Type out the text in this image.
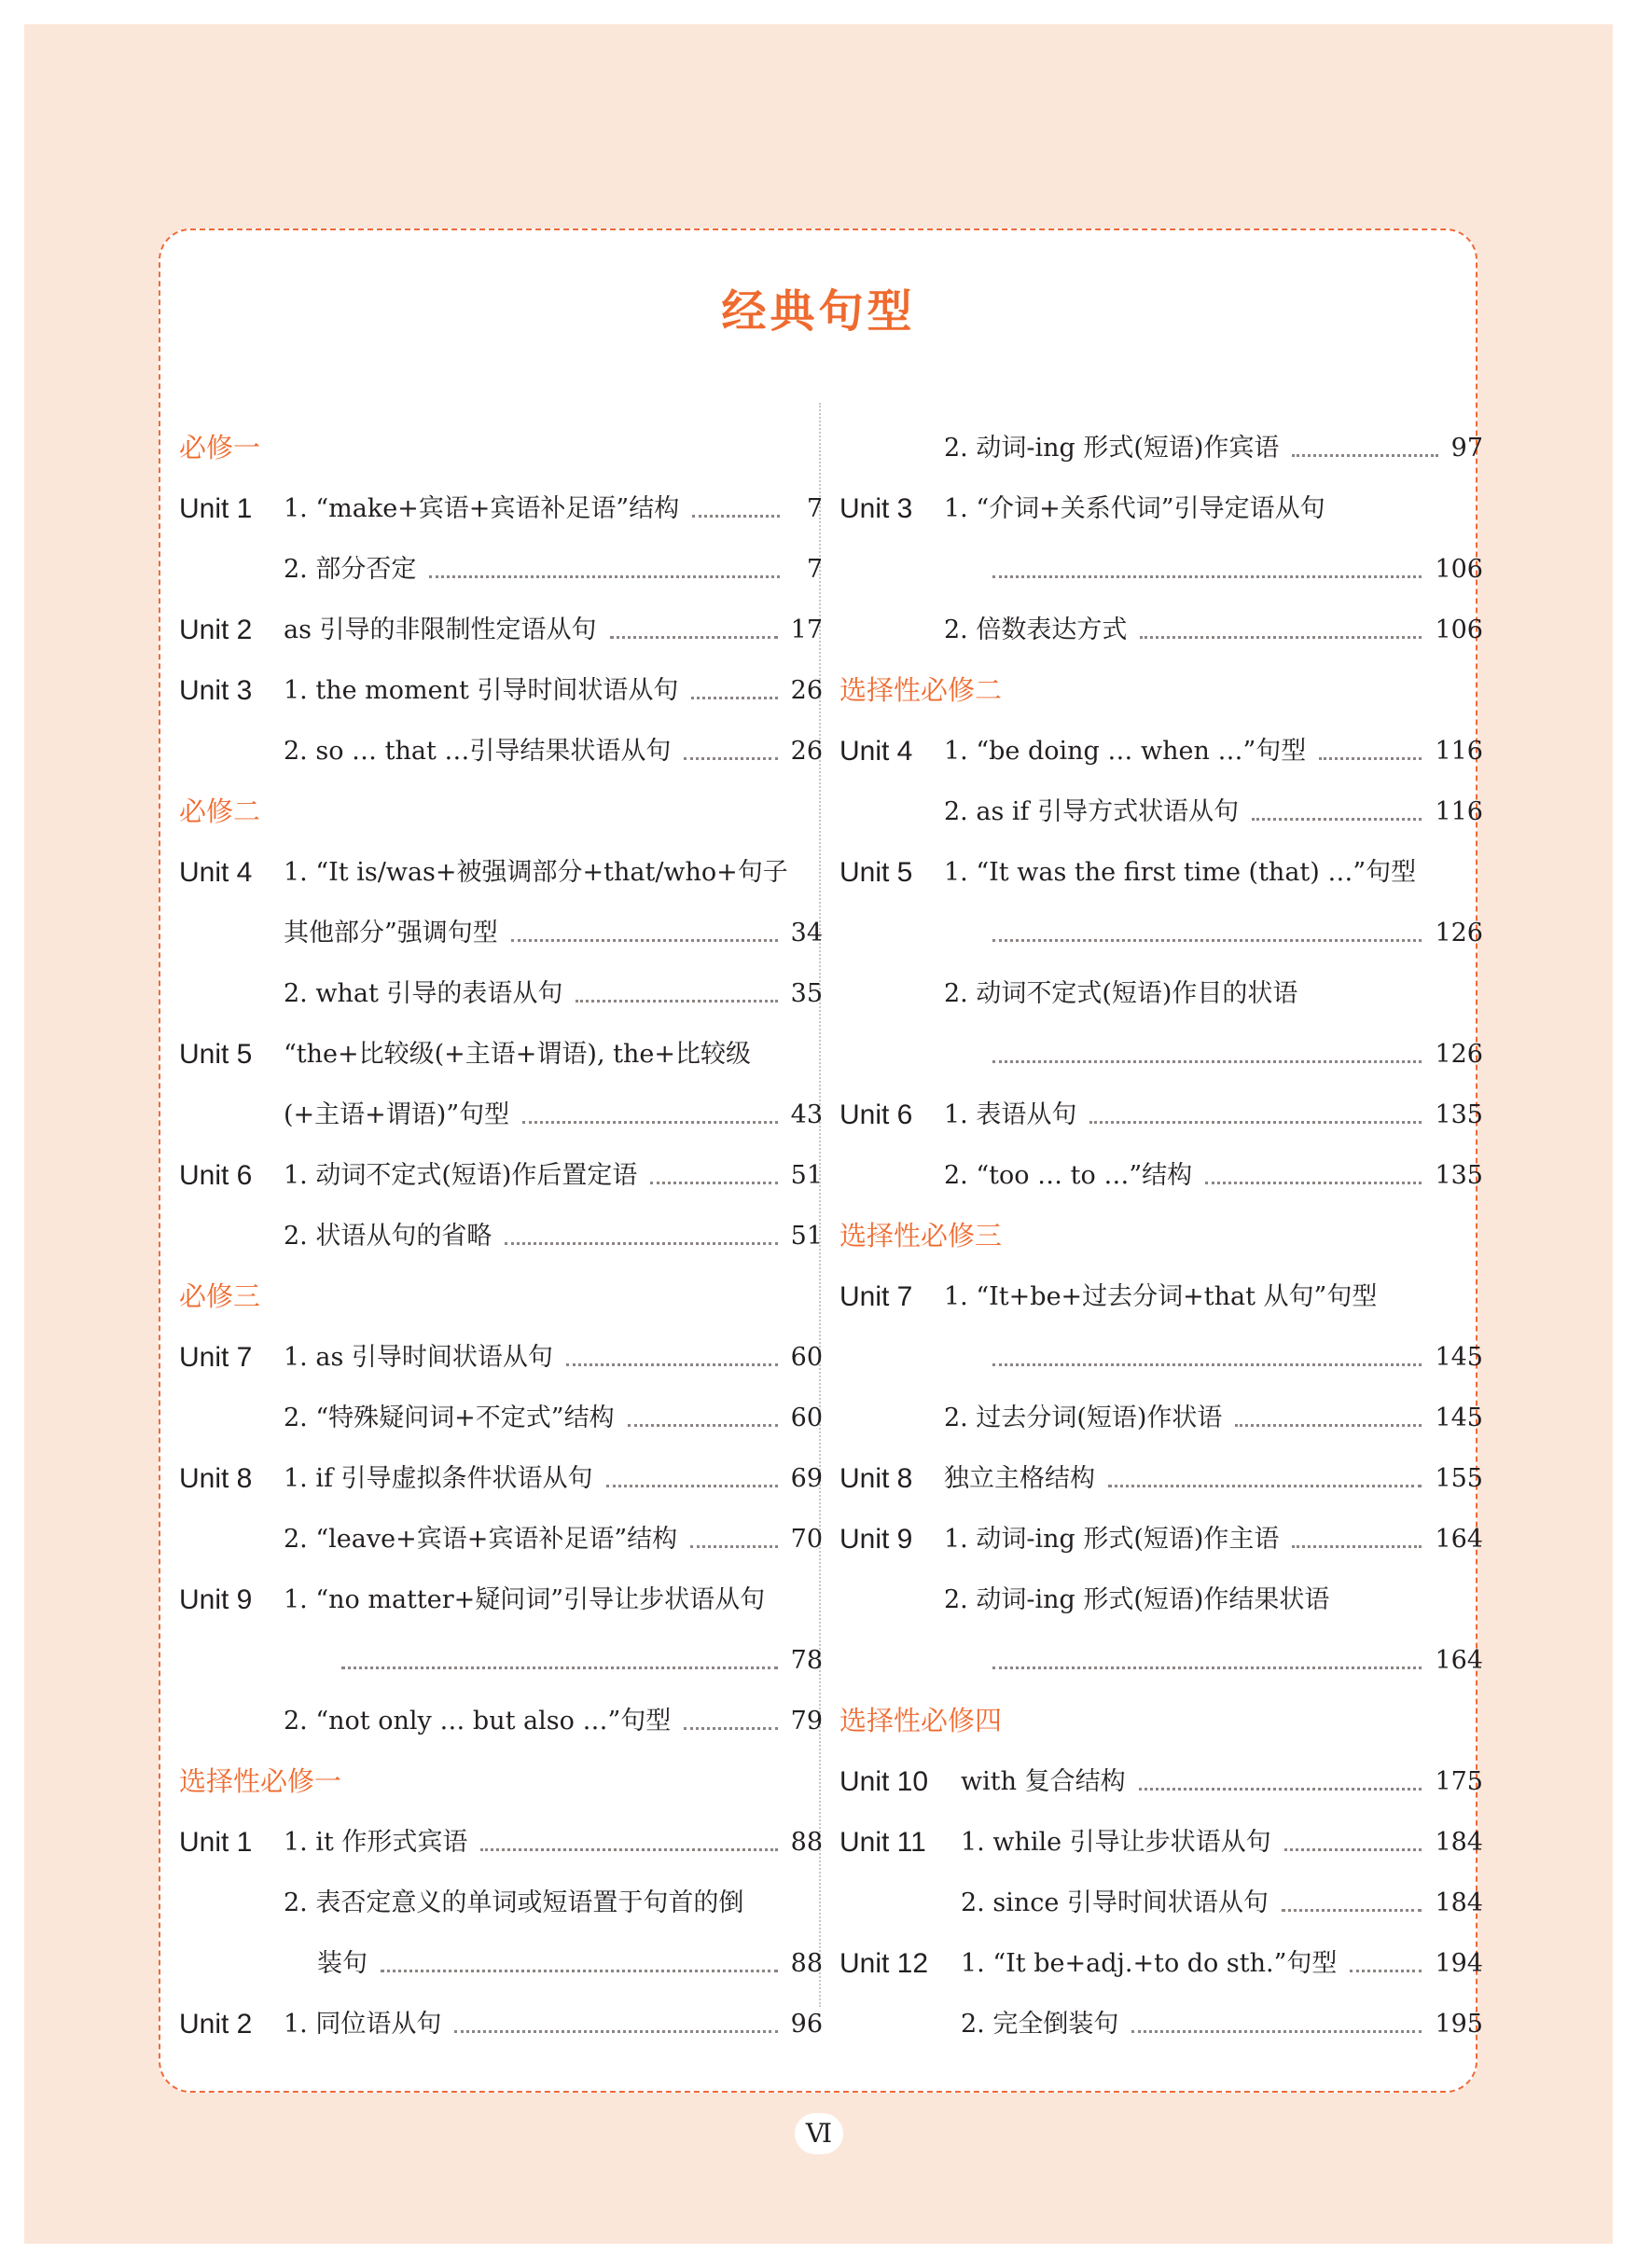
经典句型
必修一
Unit 1 1. “make+宾语+宾语补足语”结构	7
2. 部分否定	7
Unit 2 as 引导的非限制性定语从句	17
Unit 3 1. the moment 引导时间状语从句	26
2. so … that …引导结果状语从句	26
必修二
Unit 4 1. “It is/was+被强调部分+that/who+句子
其他部分”强调句型	34
2. what 引导的表语从句	35
Unit 5 “the+比较级(+主语+谓语), the+比较级
(+主语+谓语)”句型	43
Unit 6 1. 动词不定式(短语)作后置定语	51
2. 状语从句的省略	51
必修三
Unit 7 1. as 引导时间状语从句	60
2. “特殊疑问词+不定式”结构	60
Unit 8 1. if 引导虚拟条件状语从句	69
2. “leave+宾语+宾语补足语”结构	70
Unit 9 1. “no matter+疑问词”引导让步状语从句
78
2. “not only … but also …”句型	79
选择性必修一
Unit 1 1. it 作形式宾语	88
2. 表否定意义的单词或短语置于句首的倒
装句	88
Unit 2 1. 同位语从句	96
2. 动词-ing 形式(短语)作宾语	97
Unit 3 1. “介词+关系代词”引导定语从句
106
2. 倍数表达方式	106
选择性必修二
Unit 4 1. “be doing … when …”句型	116
2. as if 引导方式状语从句	116
Unit 5 1. “It was the first time (that) …”句型
126
2. 动词不定式(短语)作目的状语
126
Unit 6 1. 表语从句	135
2. “too … to …”结构	135
选择性必修三
Unit 7 1. “It+be+过去分词+that 从句”句型
145
2. 过去分词(短语)作状语	145
Unit 8 独立主格结构	155
Unit 9 1. 动词-ing 形式(短语)作主语	164
2. 动词-ing 形式(短语)作结果状语
164
选择性必修四
Unit 10 with 复合结构	175
Unit 11 1. while 引导让步状语从句	184
2. since 引导时间状语从句	184
Unit 12 1. “It be+adj.+to do sth.”句型	194
2. 完全倒装句	195
Ⅵ
